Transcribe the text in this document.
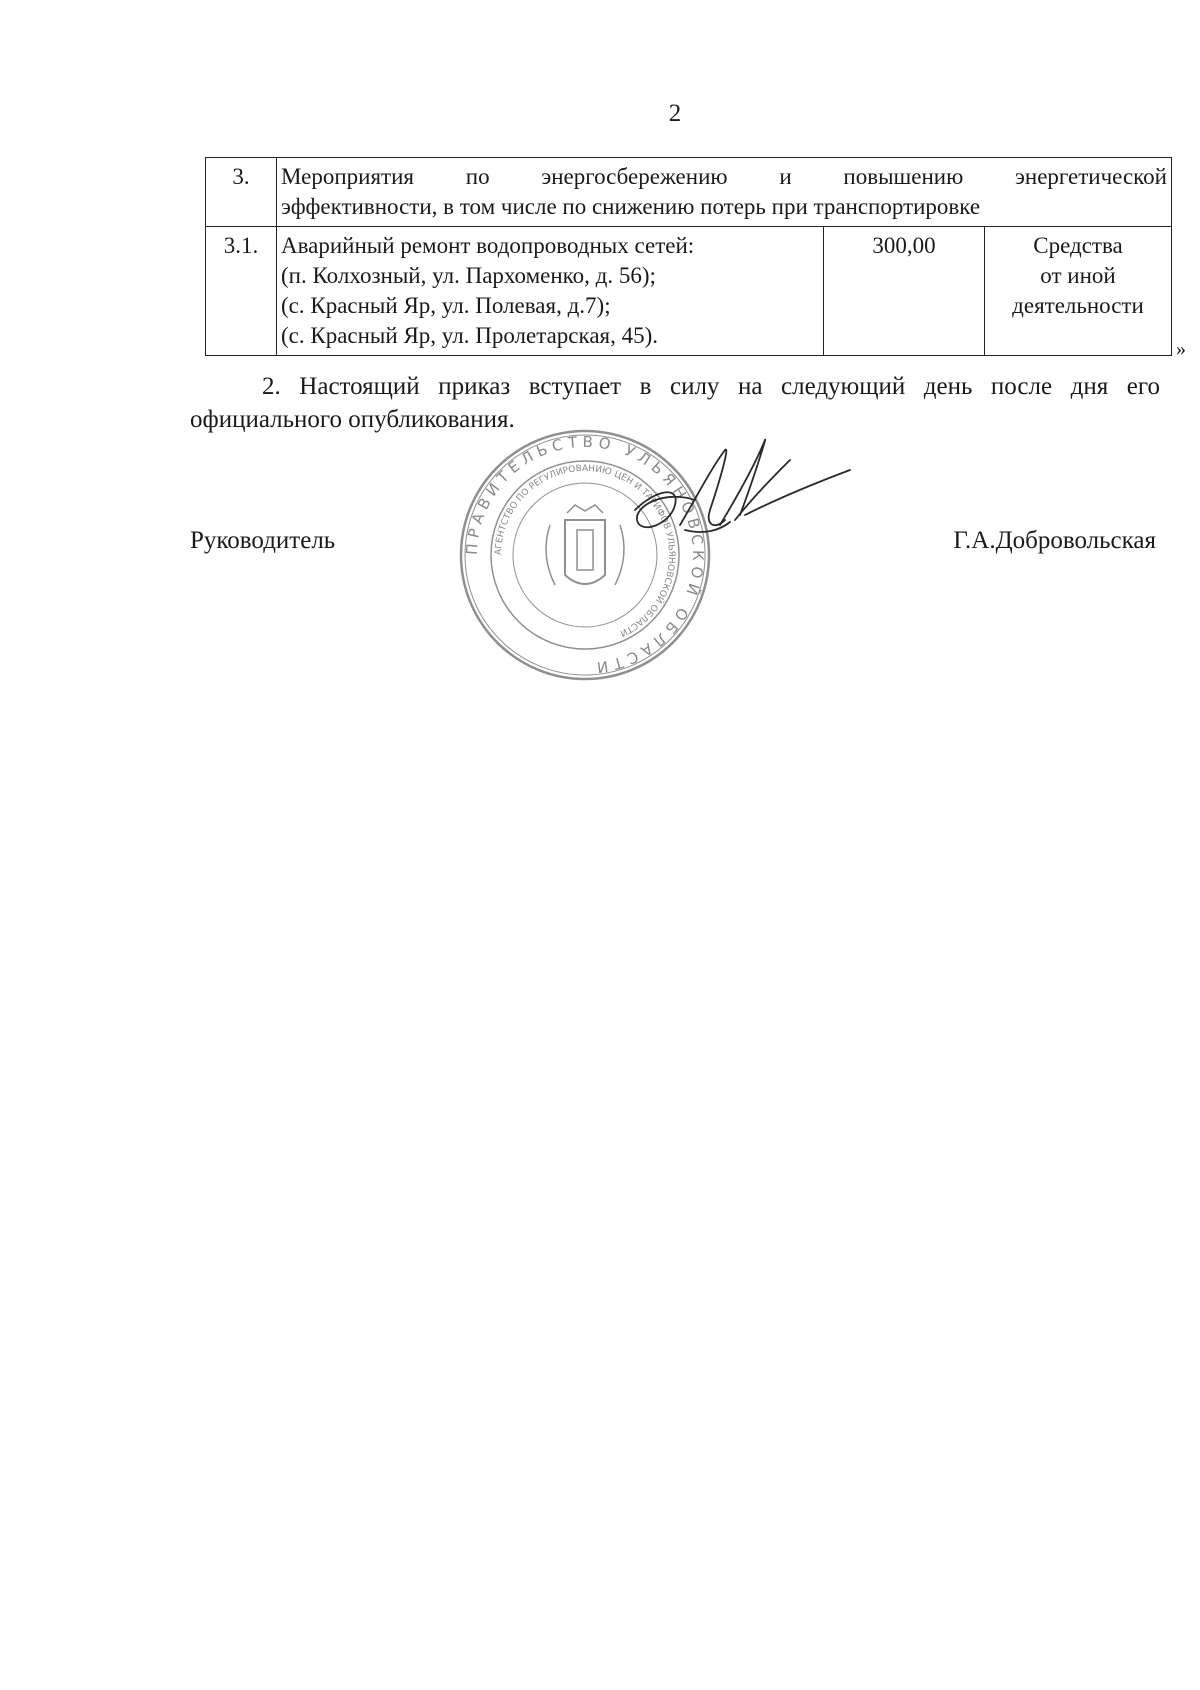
2
3.	Мероприятия по энергосбережению и повышению энергетической
эффективности, в том числе по снижению потерь при транспортировке		

3.1.	Аварийный ремонт водопроводных сетей:
(п. Колхозный, ул. Пархоменко, д. 56);
(с. Красный Яр, ул. Полевая, д.7);
(с. Красный Яр, ул. Пролетарская, 45).	300,00	Средства
от иной
деятельности
»
2. Настоящий приказ вступает в силу на следующий день после дня его официального опубликования.
Руководитель	ПРАВИТЕЛЬСТВО УЛЬЯНОВСКОЙ ОБЛАСТИ
АГЕНТСТВО ПО РЕГУЛИРОВАНИЮ ЦЕН И ТАРИФОВ УЛЬЯНОВСКОЙ ОБЛАСТИ
Г.А.Добровольская
